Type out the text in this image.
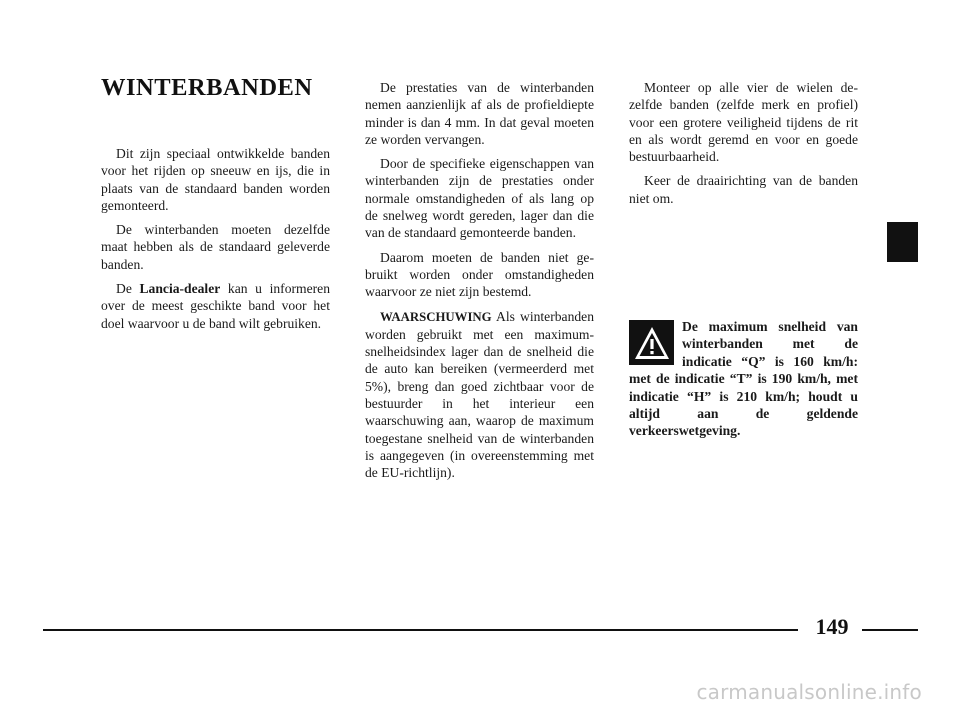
WINTERBANDEN

Dit zijn speciaal ontwikkelde banden voor het rijden op sneeuw en ijs, die in plaats van de standaard banden worden gemonteerd.

De winterbanden moeten dezelfde maat hebben als de standaard geleverde banden.

De Lancia-dealer kan u informeren over de meest geschikte band voor het doel waarvoor u de band wilt gebruiken.

De prestaties van de winterbanden nemen aanzienlijk af als de profieldiepte minder is dan 4 mm. In dat geval moeten ze worden vervangen.

Door de specifieke eigenschappen van winterbanden zijn de prestaties onder normale omstandigheden of als lang op de snelweg wordt gereden, lager dan die van de standaard gemonteerde banden.

Daarom moeten de banden niet gebruikt worden onder omstandigheden waarvoor ze niet zijn bestemd.

WAARSCHUWING Als winterbanden worden gebruikt met een maximum-snelheidsindex lager dan de snelheid die de auto kan bereiken (vermeerderd met 5%), breng dan goed zichtbaar voor de bestuurder in het interieur een waarschuwing aan, waarop de maximum toegestane snelheid van de winterbanden is aangegeven (in overeenstemming met de EU-richtlijn).

Monteer op alle vier de wielen dezelfde banden (zelfde merk en profiel) voor een grotere veiligheid tijdens de rit en als wordt geremd en voor en goede bestuurbaarheid.

Keer de draairichting van de banden niet om.

De maximum snelheid van winterbanden met de indicatie “Q” is 160 km/h: met de indicatie “T” is 190 km/h, met indicatie “H” is 210 km/h; houdt u altijd aan de geldende verkeerswetgeving.
149
carmanualsonline.info
